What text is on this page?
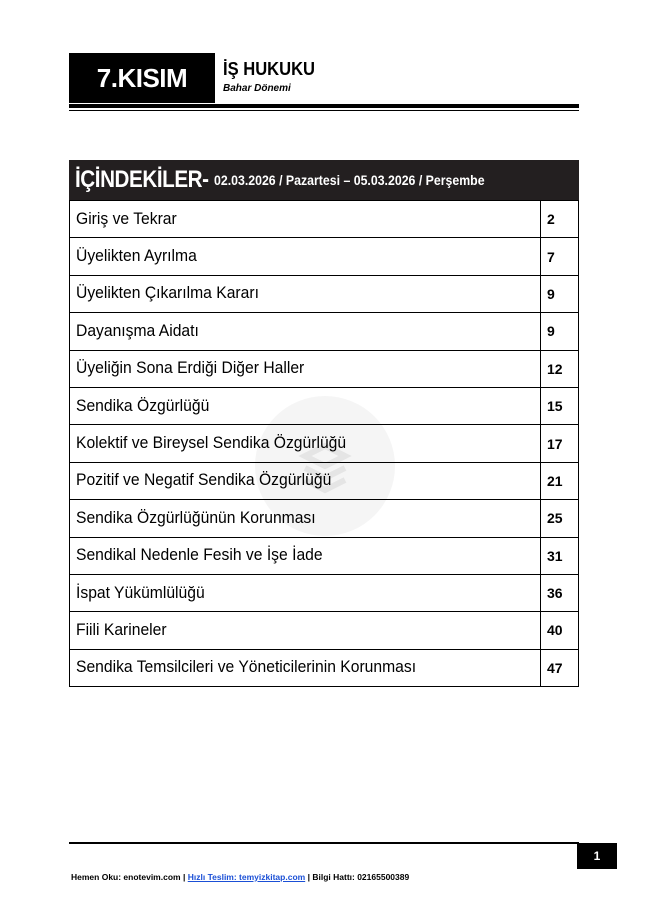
7.KISIM	İŞ HUKUKU
Bahar Dönemi
İÇİNDEKİLER- 02.03.2026 / Pazartesi – 05.03.2026 / Perşembe
Giriş ve Tekrar	2
Üyelikten Ayrılma	7
Üyelikten Çıkarılma Kararı	9
Dayanışma Aidatı	9
Üyeliğin Sona Erdiği Diğer Haller	12
Sendika Özgürlüğü	15
Kolektif ve Bireysel Sendika Özgürlüğü	17
Pozitif ve Negatif Sendika Özgürlüğü	21
Sendika Özgürlüğünün Korunması	25
Sendikal Nedenle Fesih ve İşe İade	31
İspat Yükümlülüğü	36
Fiili Karineler	40
Sendika Temsilcileri ve Yöneticilerinin Korunması	47
1
Hemen Oku: enotevim.com | Hızlı Teslim: temyizkitap.com | Bilgi Hattı: 02165500389
